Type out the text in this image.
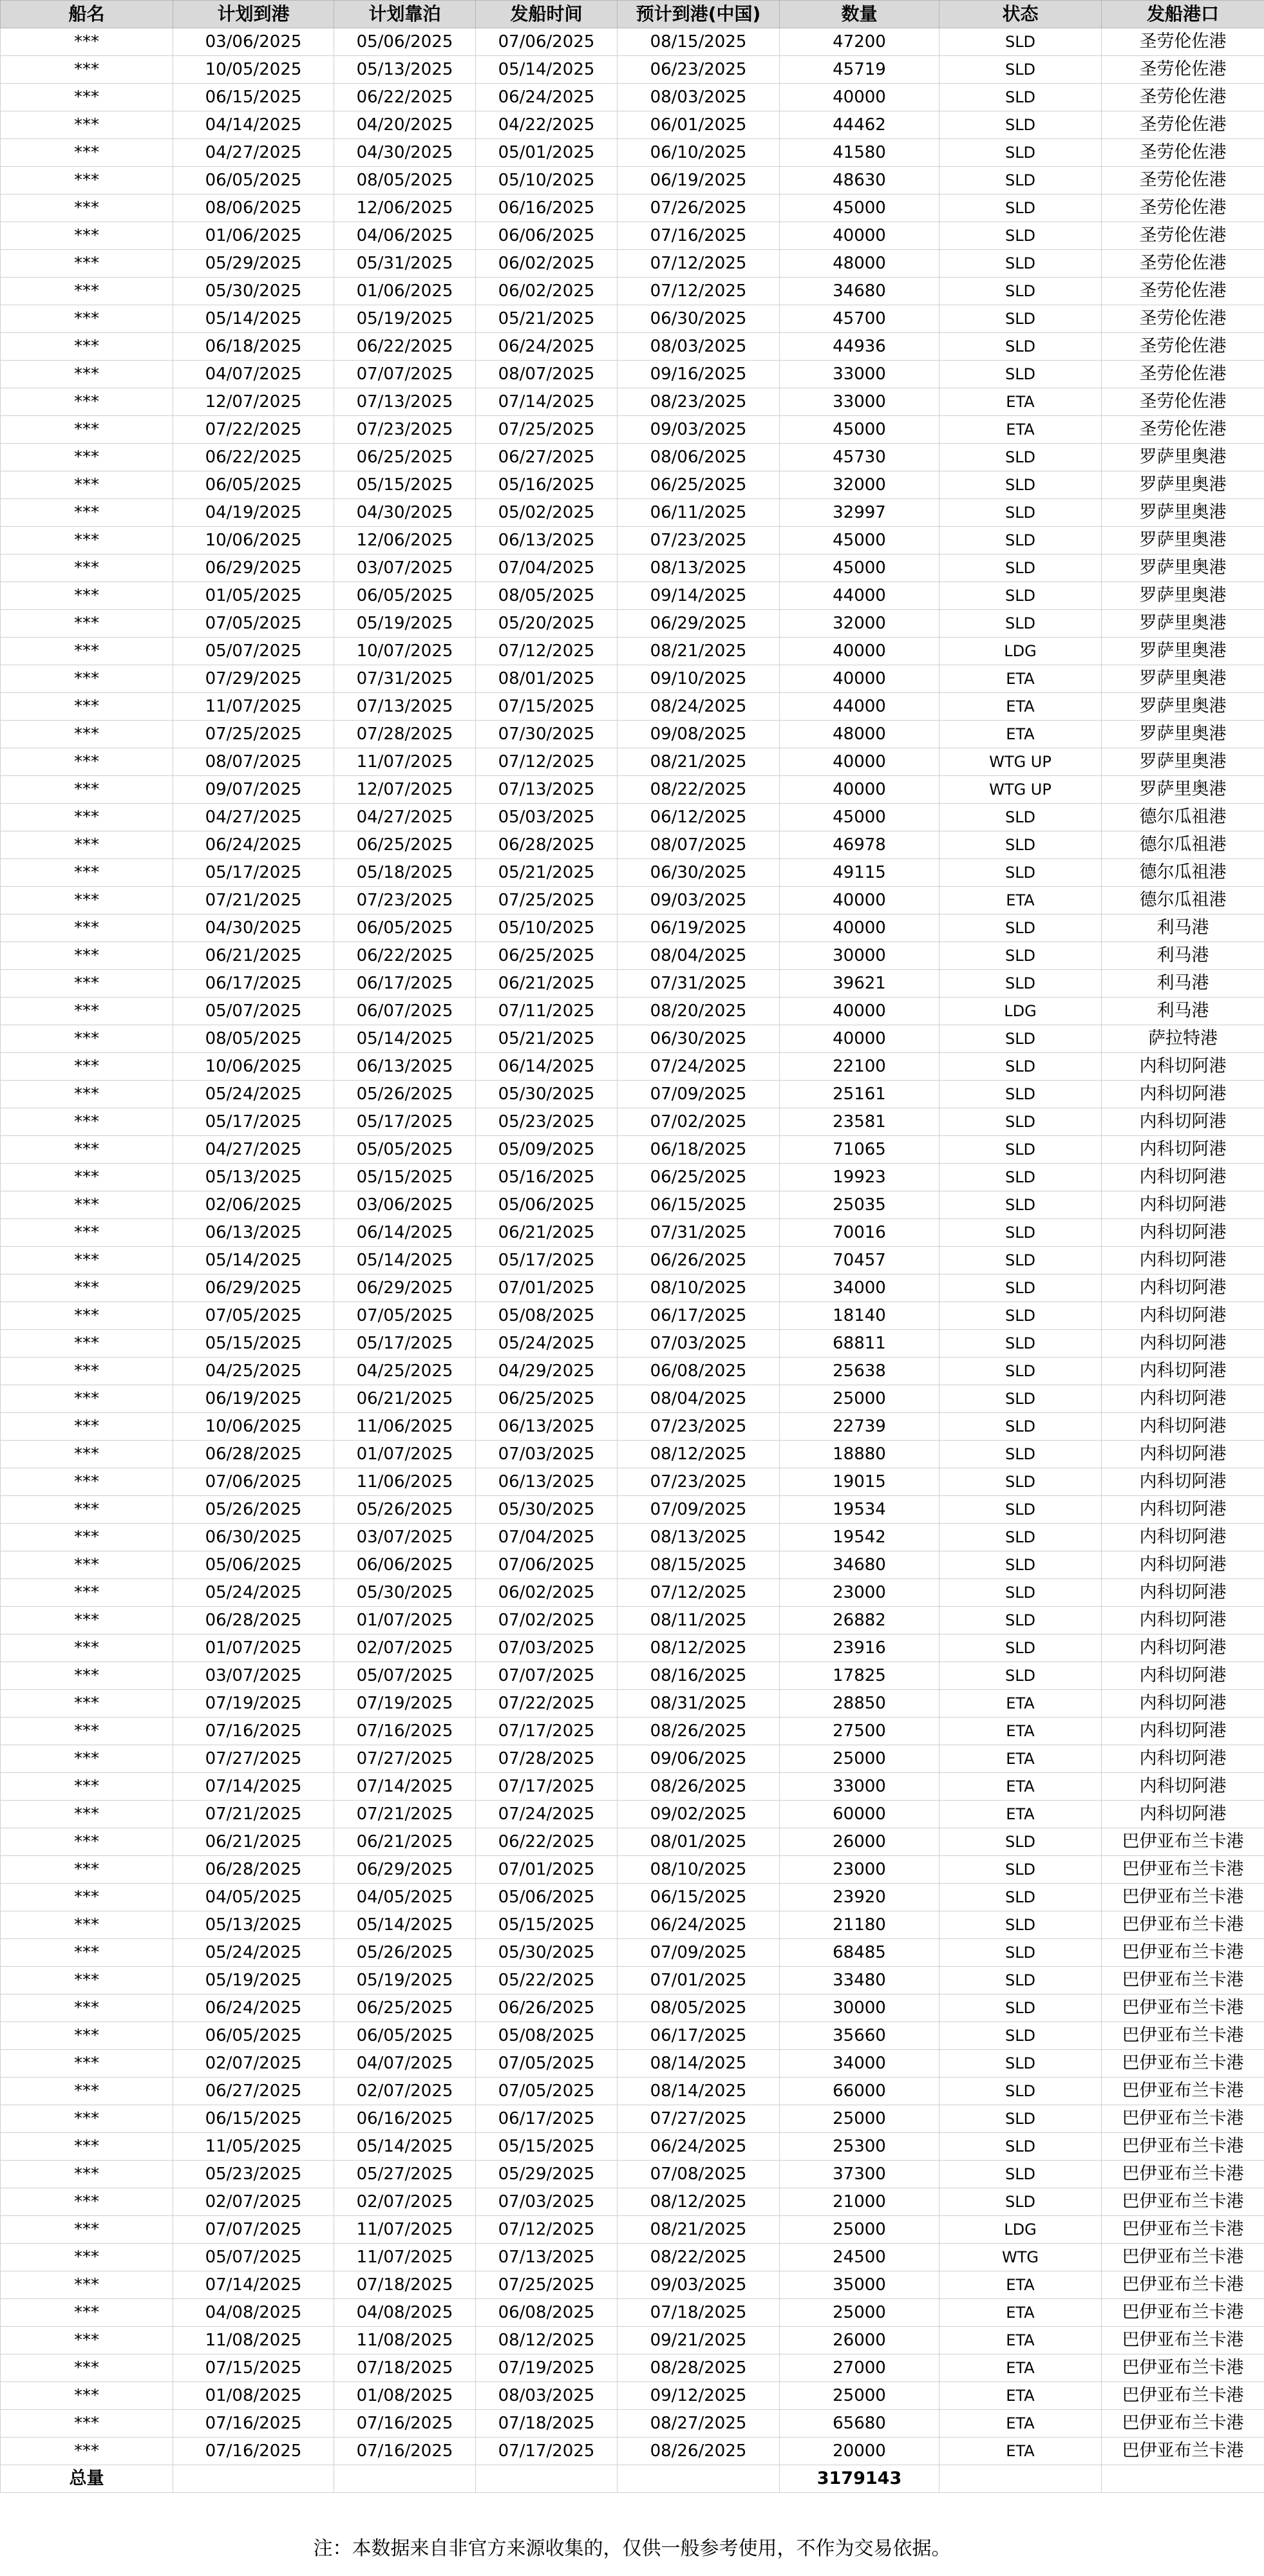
船名	计划到港	计划靠泊	发船时间	预计到港(中国)	数量	状态	发船港口
***	03/06/2025	05/06/2025	07/06/2025	08/15/2025	47200	SLD	圣劳伦佐港
***	10/05/2025	05/13/2025	05/14/2025	06/23/2025	45719	SLD	圣劳伦佐港
***	06/15/2025	06/22/2025	06/24/2025	08/03/2025	40000	SLD	圣劳伦佐港
***	04/14/2025	04/20/2025	04/22/2025	06/01/2025	44462	SLD	圣劳伦佐港
***	04/27/2025	04/30/2025	05/01/2025	06/10/2025	41580	SLD	圣劳伦佐港
***	06/05/2025	08/05/2025	05/10/2025	06/19/2025	48630	SLD	圣劳伦佐港
***	08/06/2025	12/06/2025	06/16/2025	07/26/2025	45000	SLD	圣劳伦佐港
***	01/06/2025	04/06/2025	06/06/2025	07/16/2025	40000	SLD	圣劳伦佐港
***	05/29/2025	05/31/2025	06/02/2025	07/12/2025	48000	SLD	圣劳伦佐港
***	05/30/2025	01/06/2025	06/02/2025	07/12/2025	34680	SLD	圣劳伦佐港
***	05/14/2025	05/19/2025	05/21/2025	06/30/2025	45700	SLD	圣劳伦佐港
***	06/18/2025	06/22/2025	06/24/2025	08/03/2025	44936	SLD	圣劳伦佐港
***	04/07/2025	07/07/2025	08/07/2025	09/16/2025	33000	SLD	圣劳伦佐港
***	12/07/2025	07/13/2025	07/14/2025	08/23/2025	33000	ETA	圣劳伦佐港
***	07/22/2025	07/23/2025	07/25/2025	09/03/2025	45000	ETA	圣劳伦佐港
***	06/22/2025	06/25/2025	06/27/2025	08/06/2025	45730	SLD	罗萨里奥港
***	06/05/2025	05/15/2025	05/16/2025	06/25/2025	32000	SLD	罗萨里奥港
***	04/19/2025	04/30/2025	05/02/2025	06/11/2025	32997	SLD	罗萨里奥港
***	10/06/2025	12/06/2025	06/13/2025	07/23/2025	45000	SLD	罗萨里奥港
***	06/29/2025	03/07/2025	07/04/2025	08/13/2025	45000	SLD	罗萨里奥港
***	01/05/2025	06/05/2025	08/05/2025	09/14/2025	44000	SLD	罗萨里奥港
***	07/05/2025	05/19/2025	05/20/2025	06/29/2025	32000	SLD	罗萨里奥港
***	05/07/2025	10/07/2025	07/12/2025	08/21/2025	40000	LDG	罗萨里奥港
***	07/29/2025	07/31/2025	08/01/2025	09/10/2025	40000	ETA	罗萨里奥港
***	11/07/2025	07/13/2025	07/15/2025	08/24/2025	44000	ETA	罗萨里奥港
***	07/25/2025	07/28/2025	07/30/2025	09/08/2025	48000	ETA	罗萨里奥港
***	08/07/2025	11/07/2025	07/12/2025	08/21/2025	40000	WTG UP	罗萨里奥港
***	09/07/2025	12/07/2025	07/13/2025	08/22/2025	40000	WTG UP	罗萨里奥港
***	04/27/2025	04/27/2025	05/03/2025	06/12/2025	45000	SLD	德尔瓜祖港
***	06/24/2025	06/25/2025	06/28/2025	08/07/2025	46978	SLD	德尔瓜祖港
***	05/17/2025	05/18/2025	05/21/2025	06/30/2025	49115	SLD	德尔瓜祖港
***	07/21/2025	07/23/2025	07/25/2025	09/03/2025	40000	ETA	德尔瓜祖港
***	04/30/2025	06/05/2025	05/10/2025	06/19/2025	40000	SLD	利马港
***	06/21/2025	06/22/2025	06/25/2025	08/04/2025	30000	SLD	利马港
***	06/17/2025	06/17/2025	06/21/2025	07/31/2025	39621	SLD	利马港
***	05/07/2025	06/07/2025	07/11/2025	08/20/2025	40000	LDG	利马港
***	08/05/2025	05/14/2025	05/21/2025	06/30/2025	40000	SLD	萨拉特港
***	10/06/2025	06/13/2025	06/14/2025	07/24/2025	22100	SLD	内科切阿港
***	05/24/2025	05/26/2025	05/30/2025	07/09/2025	25161	SLD	内科切阿港
***	05/17/2025	05/17/2025	05/23/2025	07/02/2025	23581	SLD	内科切阿港
***	04/27/2025	05/05/2025	05/09/2025	06/18/2025	71065	SLD	内科切阿港
***	05/13/2025	05/15/2025	05/16/2025	06/25/2025	19923	SLD	内科切阿港
***	02/06/2025	03/06/2025	05/06/2025	06/15/2025	25035	SLD	内科切阿港
***	06/13/2025	06/14/2025	06/21/2025	07/31/2025	70016	SLD	内科切阿港
***	05/14/2025	05/14/2025	05/17/2025	06/26/2025	70457	SLD	内科切阿港
***	06/29/2025	06/29/2025	07/01/2025	08/10/2025	34000	SLD	内科切阿港
***	07/05/2025	07/05/2025	05/08/2025	06/17/2025	18140	SLD	内科切阿港
***	05/15/2025	05/17/2025	05/24/2025	07/03/2025	68811	SLD	内科切阿港
***	04/25/2025	04/25/2025	04/29/2025	06/08/2025	25638	SLD	内科切阿港
***	06/19/2025	06/21/2025	06/25/2025	08/04/2025	25000	SLD	内科切阿港
***	10/06/2025	11/06/2025	06/13/2025	07/23/2025	22739	SLD	内科切阿港
***	06/28/2025	01/07/2025	07/03/2025	08/12/2025	18880	SLD	内科切阿港
***	07/06/2025	11/06/2025	06/13/2025	07/23/2025	19015	SLD	内科切阿港
***	05/26/2025	05/26/2025	05/30/2025	07/09/2025	19534	SLD	内科切阿港
***	06/30/2025	03/07/2025	07/04/2025	08/13/2025	19542	SLD	内科切阿港
***	05/06/2025	06/06/2025	07/06/2025	08/15/2025	34680	SLD	内科切阿港
***	05/24/2025	05/30/2025	06/02/2025	07/12/2025	23000	SLD	内科切阿港
***	06/28/2025	01/07/2025	07/02/2025	08/11/2025	26882	SLD	内科切阿港
***	01/07/2025	02/07/2025	07/03/2025	08/12/2025	23916	SLD	内科切阿港
***	03/07/2025	05/07/2025	07/07/2025	08/16/2025	17825	SLD	内科切阿港
***	07/19/2025	07/19/2025	07/22/2025	08/31/2025	28850	ETA	内科切阿港
***	07/16/2025	07/16/2025	07/17/2025	08/26/2025	27500	ETA	内科切阿港
***	07/27/2025	07/27/2025	07/28/2025	09/06/2025	25000	ETA	内科切阿港
***	07/14/2025	07/14/2025	07/17/2025	08/26/2025	33000	ETA	内科切阿港
***	07/21/2025	07/21/2025	07/24/2025	09/02/2025	60000	ETA	内科切阿港
***	06/21/2025	06/21/2025	06/22/2025	08/01/2025	26000	SLD	巴伊亚布兰卡港
***	06/28/2025	06/29/2025	07/01/2025	08/10/2025	23000	SLD	巴伊亚布兰卡港
***	04/05/2025	04/05/2025	05/06/2025	06/15/2025	23920	SLD	巴伊亚布兰卡港
***	05/13/2025	05/14/2025	05/15/2025	06/24/2025	21180	SLD	巴伊亚布兰卡港
***	05/24/2025	05/26/2025	05/30/2025	07/09/2025	68485	SLD	巴伊亚布兰卡港
***	05/19/2025	05/19/2025	05/22/2025	07/01/2025	33480	SLD	巴伊亚布兰卡港
***	06/24/2025	06/25/2025	06/26/2025	08/05/2025	30000	SLD	巴伊亚布兰卡港
***	06/05/2025	06/05/2025	05/08/2025	06/17/2025	35660	SLD	巴伊亚布兰卡港
***	02/07/2025	04/07/2025	07/05/2025	08/14/2025	34000	SLD	巴伊亚布兰卡港
***	06/27/2025	02/07/2025	07/05/2025	08/14/2025	66000	SLD	巴伊亚布兰卡港
***	06/15/2025	06/16/2025	06/17/2025	07/27/2025	25000	SLD	巴伊亚布兰卡港
***	11/05/2025	05/14/2025	05/15/2025	06/24/2025	25300	SLD	巴伊亚布兰卡港
***	05/23/2025	05/27/2025	05/29/2025	07/08/2025	37300	SLD	巴伊亚布兰卡港
***	02/07/2025	02/07/2025	07/03/2025	08/12/2025	21000	SLD	巴伊亚布兰卡港
***	07/07/2025	11/07/2025	07/12/2025	08/21/2025	25000	LDG	巴伊亚布兰卡港
***	05/07/2025	11/07/2025	07/13/2025	08/22/2025	24500	WTG	巴伊亚布兰卡港
***	07/14/2025	07/18/2025	07/25/2025	09/03/2025	35000	ETA	巴伊亚布兰卡港
***	04/08/2025	04/08/2025	06/08/2025	07/18/2025	25000	ETA	巴伊亚布兰卡港
***	11/08/2025	11/08/2025	08/12/2025	09/21/2025	26000	ETA	巴伊亚布兰卡港
***	07/15/2025	07/18/2025	07/19/2025	08/28/2025	27000	ETA	巴伊亚布兰卡港
***	01/08/2025	01/08/2025	08/03/2025	09/12/2025	25000	ETA	巴伊亚布兰卡港
***	07/16/2025	07/16/2025	07/18/2025	08/27/2025	65680	ETA	巴伊亚布兰卡港
***	07/16/2025	07/16/2025	07/17/2025	08/26/2025	20000	ETA	巴伊亚布兰卡港
总量					3179143		
注：本数据来自非官方来源收集的，仅供一般参考使用，不作为交易依据。
